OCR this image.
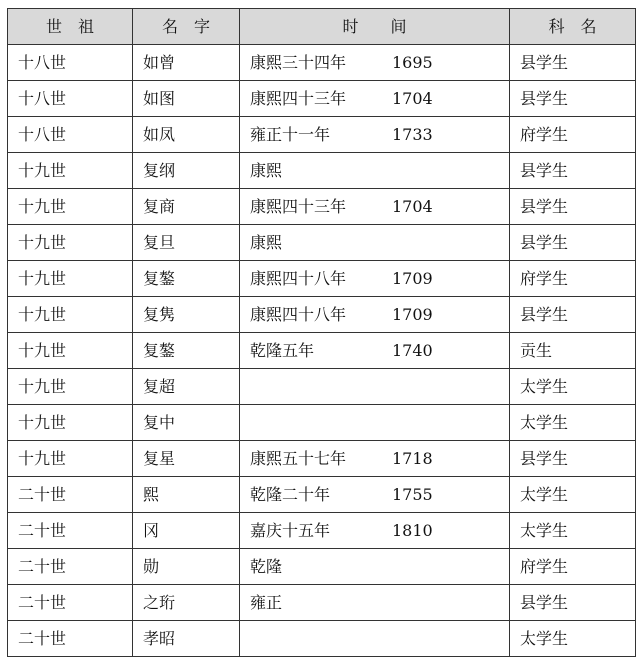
世　祖	名　字	时　　间	科　名
十八世	如曾	康熙三十四年 1695	县学生
十八世	如图	康熙四十三年 1704	县学生
十八世	如凤	雍正十一年 1733	府学生
十九世	复纲	康熙	县学生
十九世	复商	康熙四十三年 1704	县学生
十九世	复旦	康熙	县学生
十九世	复鏊	康熙四十八年 1709	府学生
十九世	复隽	康熙四十八年 1709	县学生
十九世	复鏊	乾隆五年 1740	贡生
十九世	复超		太学生
十九世	复中		太学生
十九世	复星	康熙五十七年 1718	县学生
二十世	熙	乾隆二十年 1755	太学生
二十世	冈	嘉庆十五年 1810	太学生
二十世	勋	乾隆	府学生
二十世	之珩	雍正	县学生
二十世	孝昭		太学生
